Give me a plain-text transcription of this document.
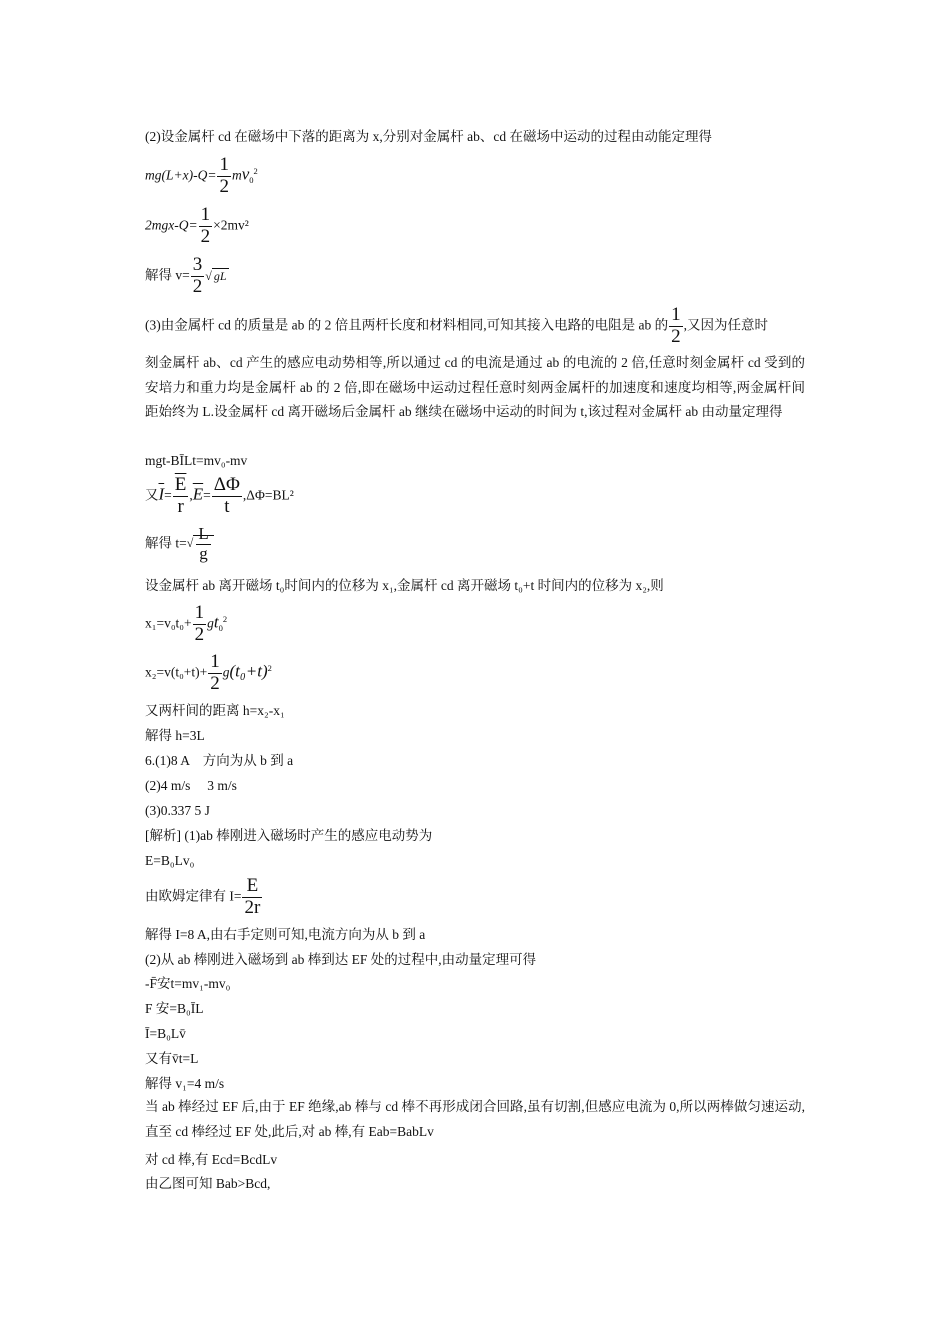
(2)设金属杆 cd 在磁场中下落的距离为 x,分别对金属杆 ab、cd 在磁场中运动的过程由动能定理得
$mg(L+x)-Q= \frac{1}{2} mv_0^2$
$2mgx-Q= \frac{1}{2} \times 2mv^2$
解得 $v= \frac{3}{2}$ √ gL
(3)由金属杆 cd 的质量是 ab 的 2 倍且两杆长度和材料相同,可知其接入电路的电阻是 ab 的 $\frac{1}{2}$ ,又因为任意时
刻金属杆 ab、cd 产生的感应电动势相等,所以通过 cd 的电流是通过 ab 的电流的 2 倍,任意时刻金属杆 cd 受到的安培力和重力均是金属杆 ab 的 2 倍,即在磁场中运动过程任意时刻两金属杆的加速度和速度均相等,两金属杆间距始终为 L.设金属杆 cd 离开磁场后金属杆 ab 继续在磁场中运动的时间为 t,该过程对金属杆 ab 由动量定理得
mgt-BĪLt=mv₀-mv
又$\overline{I}= \frac{\overline{E}}{r} ,\overline{E}= \frac{\Delta\Phi}{t} ,\Delta\Phi=BL^2$
解得 $t=√ \frac{L}{g}$
设金属杆 ab 离开磁场 t₀时间内的位移为 x₁,金属杆 cd 离开磁场 t₀+t 时间内的位移为 x₂,则
$x_1=v_0t_0+ \frac{1}{2} gt_0^2$
$x_2=v(t_0+t)+ \frac{1}{2} g(t_0+t)^2$
又两杆间的距离 h=x₂-x₁
解得 h=3L
6.(1)8 A　方向为从 b 到 a
(2)4 m/s　 3 m/s
(3)0.337 5 J
[解析] (1)ab 棒刚进入磁场时产生的感应电动势为
E=B₀Lv₀
由欧姆定律有 $I= \frac{E}{2r}$
解得 I=8 A,由右手定则可知,电流方向为从 b 到 a
(2)从 ab 棒刚进入磁场到 ab 棒到达 EF 处的过程中,由动量定理可得
-F̄安t=mv₁-mv₀
F 安=B₀ĪL
Ī=B₀Lv̄
又有v̄t=L
解得 v₁=4 m/s
当 ab 棒经过 EF 后,由于 EF 绝缘,ab 棒与 cd 棒不再形成闭合回路,虽有切割,但感应电流为 0,所以两棒做匀速运动,直至 cd 棒经过 EF 处,此后,对 ab 棒,有 Eab=BabLv
对 cd 棒,有 Ecd=BcdLv
由乙图可知 Bab>Bcd,
